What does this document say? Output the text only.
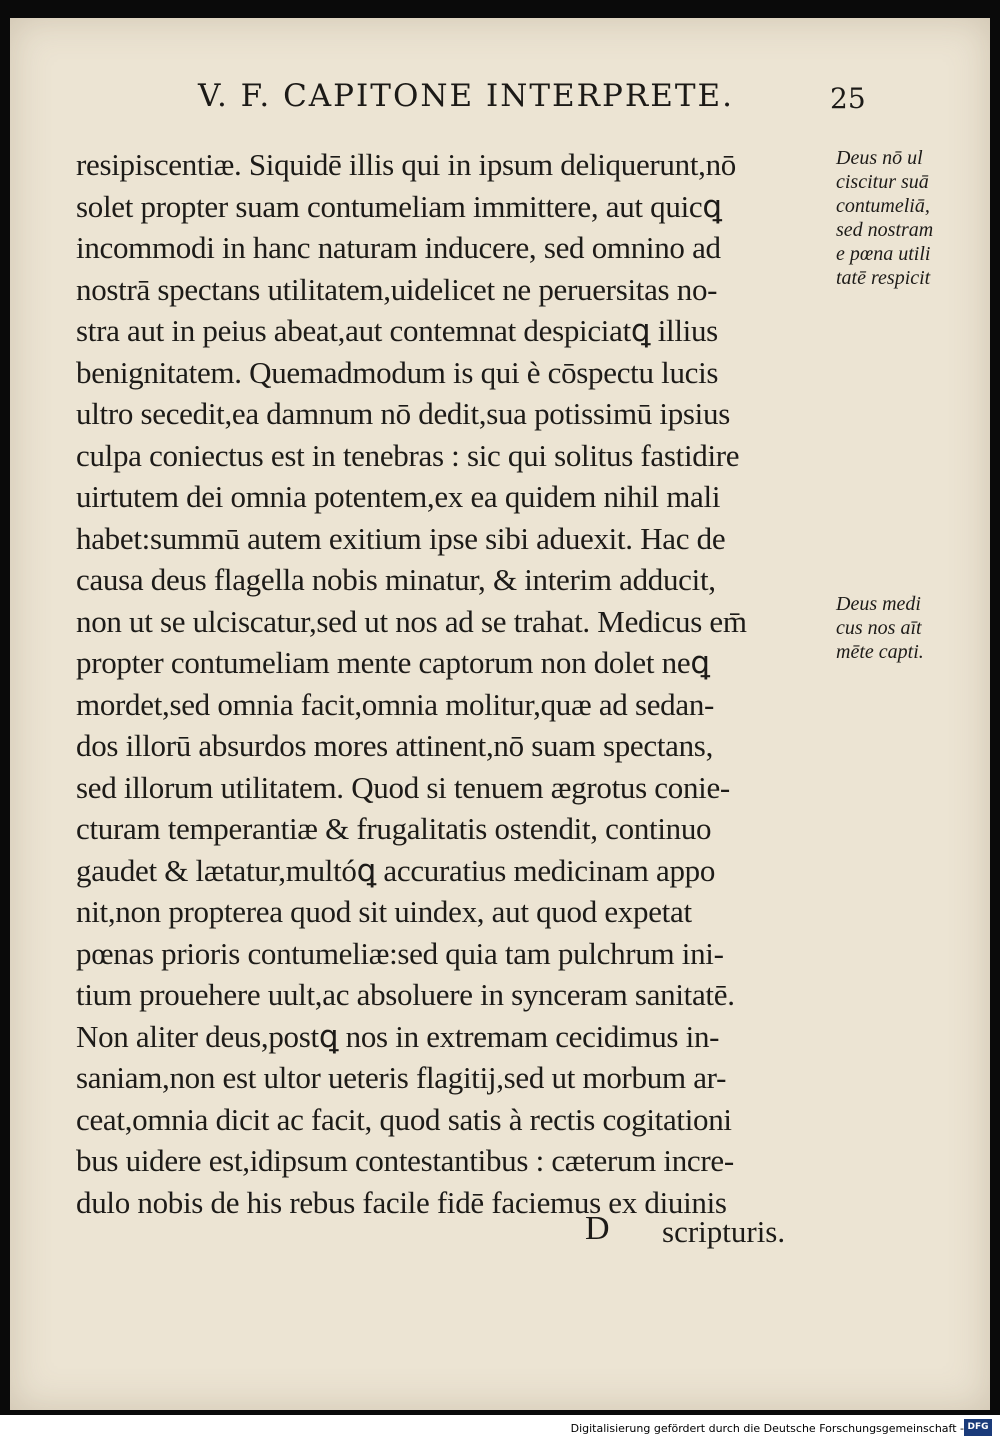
V. F. CAPITONE INTERPRETE.	25
resipiscentiæ. Siquidē illis qui in ipsum deliquerunt,nō
solet propter suam contumeliam immittere, aut quicꝗ
incommodi in hanc naturam inducere, sed omnino ad
nostrā spectans utilitatem,uidelicet ne peruersitas no-
stra aut in peius abeat,aut contemnat despiciatꝗ illius
benignitatem. Quemadmodum is qui è cōspectu lucis
ultro secedit,ea damnum nō dedit,sua potissimū ipsius
culpa coniectus est in tenebras : sic qui solitus fastidire
uirtutem dei omnia potentem,ex ea quidem nihil mali
habet:summū autem exitium ipse sibi aduexit. Hac de
causa deus flagella nobis minatur, & interim adducit,
non ut se ulciscatur,sed ut nos ad se trahat. Medicus em̄
propter contumeliam mente captorum non dolet neꝗ
mordet,sed omnia facit,omnia molitur,quæ ad sedan-
dos illorū absurdos mores attinent,nō suam spectans,
sed illorum utilitatem. Quod si tenuem ægrotus conie-
cturam temperantiæ & frugalitatis ostendit, continuo
gaudet & lætatur,multóꝗ accuratius medicinam appo
nit,non propterea quod sit uindex, aut quod expetat
pœnas prioris contumeliæ:sed quia tam pulchrum ini-
tium prouehere uult,ac absoluere in synceram sanitatē.
Non aliter deus,postꝗ nos in extremam cecidimus in-
saniam,non est ultor ueteris flagitij,sed ut morbum ar-
ceat,omnia dicit ac facit, quod satis à rectis cogitationi
bus uidere est,idipsum contestantibus : cæterum incre-
dulo nobis de his rebus facile fidē faciemus ex diuinis
Deus nō ul
ciscitur suā
contumeliā,
sed nostram
e pœna utili
tatē respicit
Deus medi
cus nos aīt
mēte capti.
D scripturis.
Digitalisierung gefördert durch die Deutsche Forschungsgemeinschaft - DFG
